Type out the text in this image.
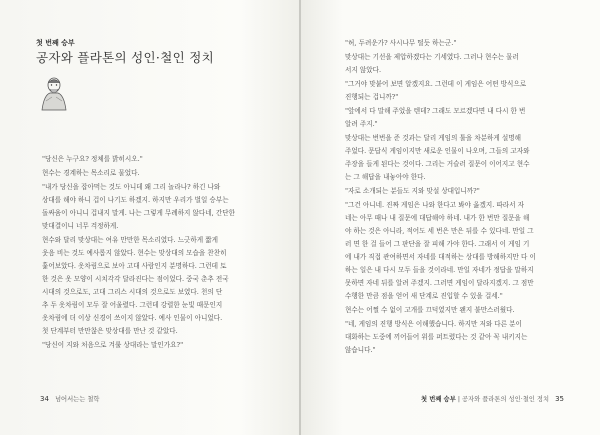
첫 번째 승부
공자와 플라톤의 성인·철인 정치
"당신은 누구요? 정체를 밝히시오."
현수는 경계하는 목소리로 물었다.
"내가 당신을 잡아먹는 것도 아니데 왜 그리 놀라나? 하긴 나와
상대를 해야 하니 겁이 나기도 하겠지. 하지만 우리가 벌일 승부는
돌싸움이 아니니 겁내지 말게. 나는 그렇게 무례하지 않다네, 간단한
맞대결이니 너무 걱정하게.
현수와 달리 맞상대는 여유 만만한 목소리였다. 느긋하게 짧게
웃음 비는 것도 예사롭지 않았다. 현수는 맞상대의 모습을 찬찬히
훑어보았다. 옷차림으로 보아 고대 사람인지 분명하다. 그런데 토
한 것은 옷 모양이 시치각각 달라진다는 점이었다. 중국 춘추 전국
시대의 것으로도, 고대 그리스 시대의 것으로도 보였다. 천의 단
추 두 옷차림이 모두 잘 어울렸다. 그런데 강렬한 눈빛 때문인지
옷차림에 더 이상 신경이 쓰이지 않았다. 예사 인물이 아니었다.
첫 단계부터 만만찮은 맞상대를 만난 것 같았다.
"당신이 지와 처음으로 겨룰 상대라는 말인가요?"
34 넘어서는는 철학
"허, 두려운가? 사시나무 떨듯 하는군."
맞상대는 기선을 제압하겠다는 기세였다. 그러나 현수는 물러
서지 않았다.
"그거야 맞붙어 보면 알겠지요. 그런데 이 게임은 어떤 방식으로
진행되는 겁니까?"
"앞에서 다 말해 주었을 텐데? 그래도 모르겠다면 내 다시 한 번
알려 주지."
맞상대는 번번을 준 것과는 달리 게임의 툴을 차분하게 설명해
주었다. 문답식 게임이지만 새로운 인물이 나오며, 그들의 고자와
주장을 들게 된다는 것이다. 그리는 거슬러 질문이 이어지고 현수
는 그 해답을 내놓아야 한다.
"자로 소개되는 분들도 지와 맞설 상대입니까?"
"그건 아니네. 진짜 게임은 나와 한다고 봐야 옳겠지. 따라서 자
네는 아무 때나 내 질문에 대답해야 하네. 내가 한 번만 질문을 해
야 하는 것은 아니라, 적어도 세 번은 만은 뒤를 수 있다네. 만일 그
러 면 한 걸 들어 그 판단을 잘 피해 가야 한다. 그래서 이 게임 기
에 내가 직접 관여하면서 자네를 대적하는 상대를 방해하지만 다 이
하는 일은 내 다시 모두 들을 것이라네. 만일 자네가 정답을 말하지
못하면 자네 뒤를 알려 주겠지. 그러면 게임이 달라지겠지. 그 점만
수행한 만큼 점을 얻어 새 단계로 진입할 수 있을 걸세."
현수는 어쩔 수 없이 고개를 끄덕였지만 왠지 불만스러웠다.
"네, 게임의 진행 방식은 이해했습니다. 하지만 저와 다른 분이
대화하는 도중에 끼어들어 위를 퍼트렸다는 것 같아 꼭 내키지는
않습니다."
첫 번째 승부 | 공자와 플라톤의 성인·철인 정치 35
